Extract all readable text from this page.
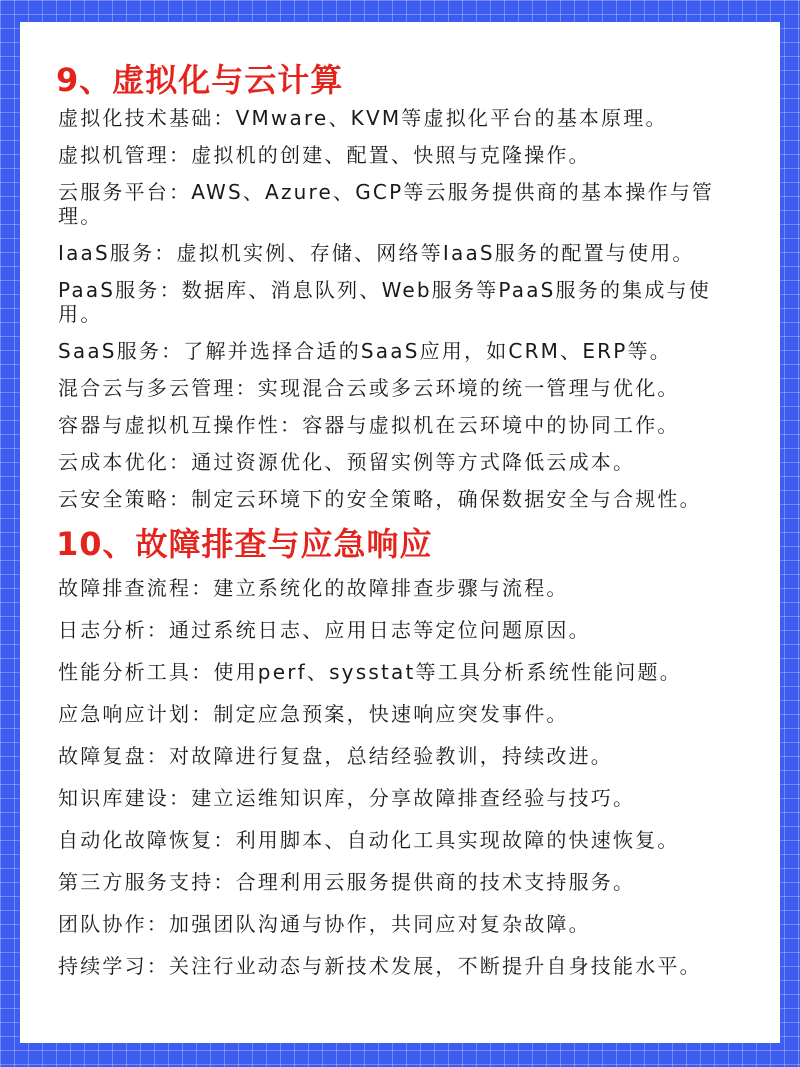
9、虚拟化与云计算
虚拟化技术基础：VMware、KVM等虚拟化平台的基本原理。
虚拟机管理：虚拟机的创建、配置、快照与克隆操作。
云服务平台：AWS、Azure、GCP等云服务提供商的基本操作与管理。
IaaS服务：虚拟机实例、存储、网络等IaaS服务的配置与使用。
PaaS服务：数据库、消息队列、Web服务等PaaS服务的集成与使用。
SaaS服务：了解并选择合适的SaaS应用，如CRM、ERP等。
混合云与多云管理：实现混合云或多云环境的统一管理与优化。
容器与虚拟机互操作性：容器与虚拟机在云环境中的协同工作。
云成本优化：通过资源优化、预留实例等方式降低云成本。
云安全策略：制定云环境下的安全策略，确保数据安全与合规性。
10、故障排查与应急响应
故障排查流程：建立系统化的故障排查步骤与流程。
日志分析：通过系统日志、应用日志等定位问题原因。
性能分析工具：使用perf、sysstat等工具分析系统性能问题。
应急响应计划：制定应急预案，快速响应突发事件。
故障复盘：对故障进行复盘，总结经验教训，持续改进。
知识库建设：建立运维知识库，分享故障排查经验与技巧。
自动化故障恢复：利用脚本、自动化工具实现故障的快速恢复。
第三方服务支持：合理利用云服务提供商的技术支持服务。
团队协作：加强团队沟通与协作，共同应对复杂故障。
持续学习：关注行业动态与新技术发展，不断提升自身技能水平。
